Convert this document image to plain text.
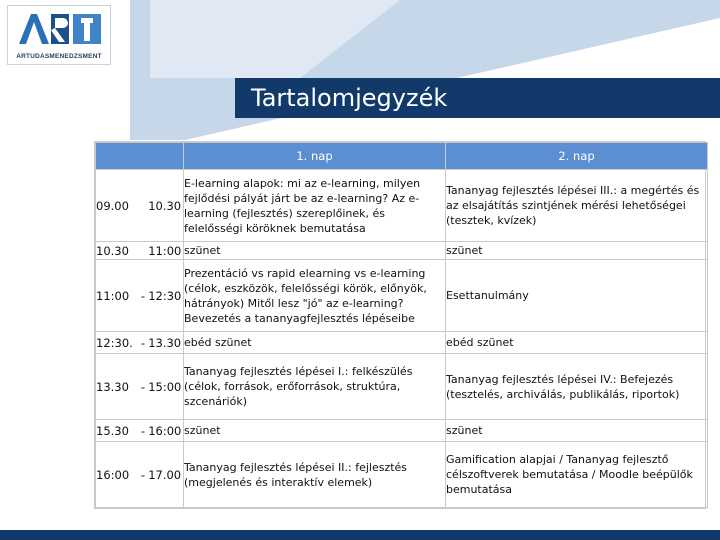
ARTUDASMENEDZSMENT
Tartalomjegyzék
	1. nap	2. nap

09.00 10.30	E-learning alapok: mi az e-learning, milyen fejlődési pályát járt be az e-learning? Az e-learning (fejlesztés) szereplőinek, és felelősségi köröknek bemutatása	Tananyag fejlesztés lépései III.: a megértés és az elsajátítás szintjének mérési lehetőségei (tesztek, kvízek)

10.30 11:00	szünet	szünet

11:00 - 12:30	Prezentáció vs rapid elearning vs e-learning (célok, eszközök, felelősségi körök, előnyök, hátrányok) Mitől lesz "jó" az e-learning? Bevezetés a tananyagfejlesztés lépéseibe	Esettanulmány

12:30. - 13.30	ebéd szünet	ebéd szünet

13.30 - 15:00	Tananyag fejlesztés lépései I.: felkészülés (célok, források, erőforrások, struktúra, szcenáriók)	Tananyag fejlesztés lépései IV.: Befejezés (tesztelés, archiválás, publikálás, riportok)

15.30 - 16:00	szünet	szünet

16:00 - 17.00	Tananyag fejlesztés lépései II.: fejlesztés (megjelenés és interaktív elemek)	Gamification alapjai / Tananyag fejlesztő célszoftverek bemutatása / Moodle beépülők bemutatása
